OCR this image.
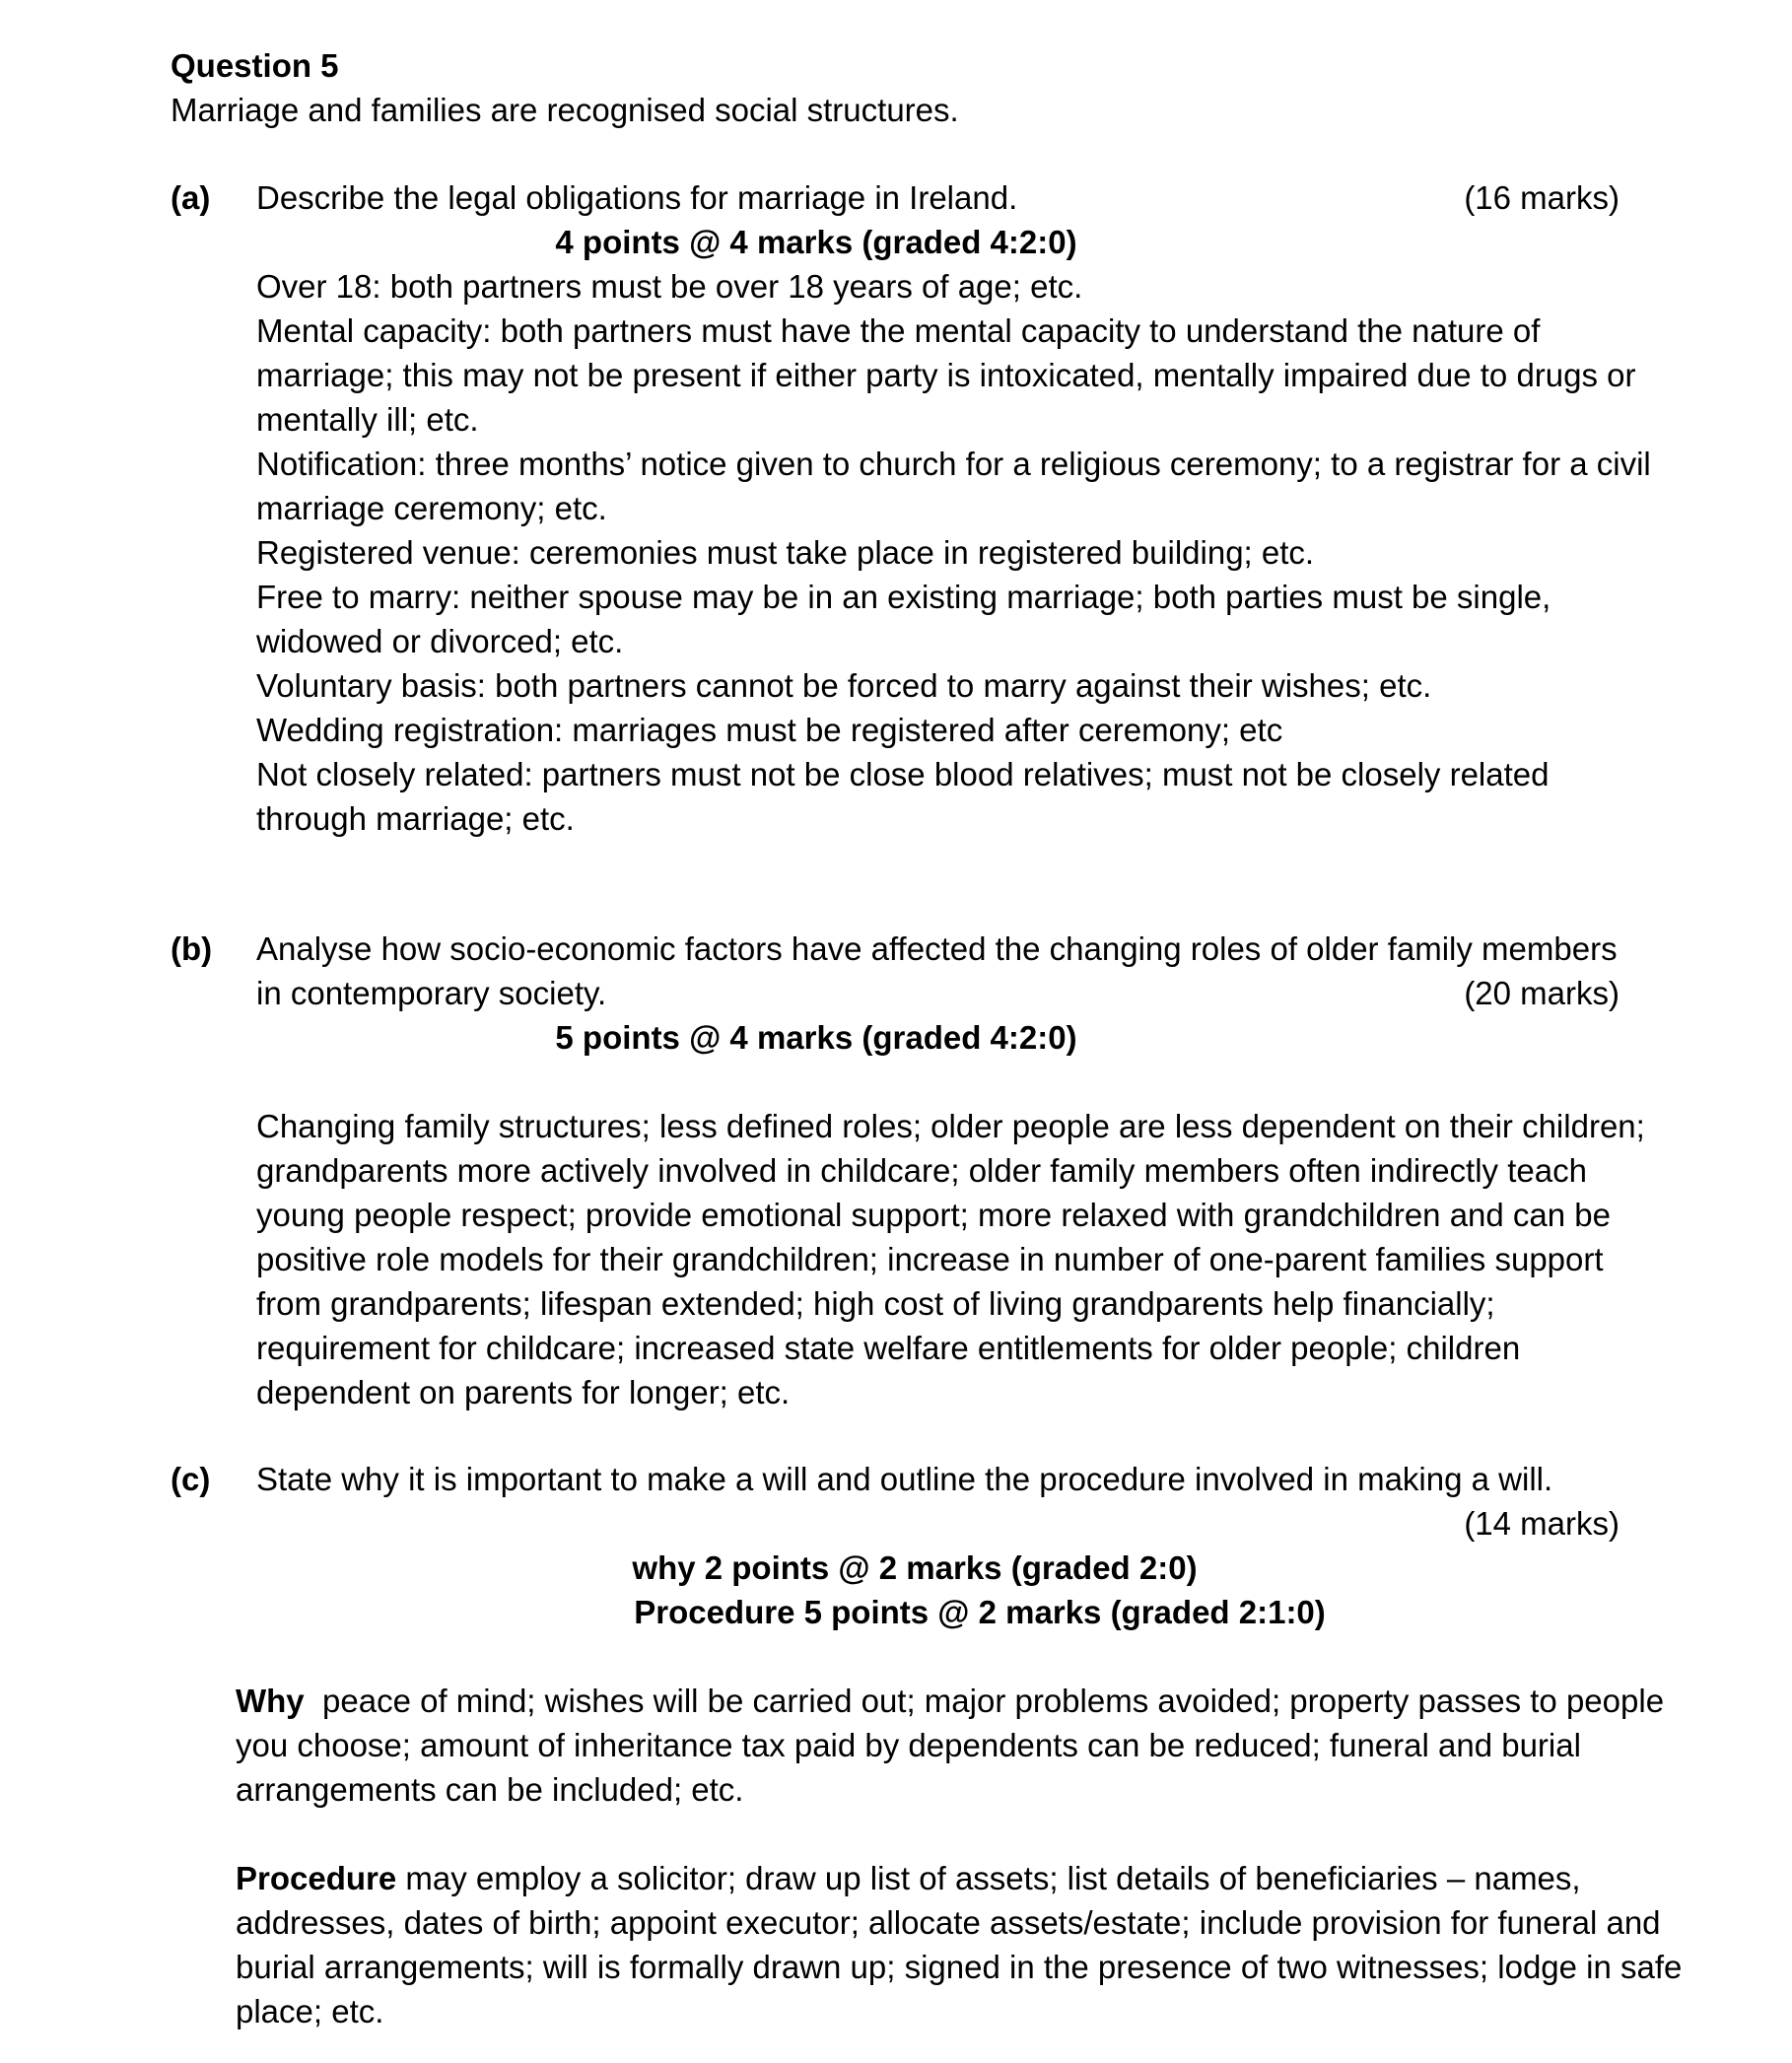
Question 5
Marriage and families are recognised social structures.
(a) Describe the legal obligations for marriage in Ireland.	(16 marks)
4 points @ 4 marks (graded 4:2:0)
Over 18: both partners must be over 18 years of age; etc.
Mental capacity: both partners must have the mental capacity to understand the nature of
marriage; this may not be present if either party is intoxicated, mentally impaired due to drugs or
mentally ill; etc.
Notification: three months’ notice given to church for a religious ceremony; to a registrar for a civil
marriage ceremony; etc.
Registered venue: ceremonies must take place in registered building; etc.
Free to marry: neither spouse may be in an existing marriage; both parties must be single,
widowed or divorced; etc.
Voluntary basis: both partners cannot be forced to marry against their wishes; etc.
Wedding registration: marriages must be registered after ceremony; etc
Not closely related: partners must not be close blood relatives; must not be closely related
through marriage; etc.
(b) Analyse how socio-economic factors have affected the changing roles of older family members
in contemporary society.	(20 marks)
5 points @ 4 marks (graded 4:2:0)
Changing family structures; less defined roles; older people are less dependent on their children;
grandparents more actively involved in childcare; older family members often indirectly teach
young people respect; provide emotional support; more relaxed with grandchildren and can be
positive role models for their grandchildren; increase in number of one-parent families support
from grandparents; lifespan extended; high cost of living grandparents help financially;
requirement for childcare; increased state welfare entitlements for older people; children
dependent on parents for longer; etc.
(c) State why it is important to make a will and outline the procedure involved in making a will.
(14 marks)
why 2 points @ 2 marks (graded 2:0)
Procedure 5 points @ 2 marks (graded 2:1:0)
Why  peace of mind; wishes will be carried out; major problems avoided; property passes to people
you choose; amount of inheritance tax paid by dependents can be reduced; funeral and burial
arrangements can be included; etc.
Procedure may employ a solicitor; draw up list of assets; list details of beneficiaries – names,
addresses, dates of birth; appoint executor; allocate assets/estate; include provision for funeral and
burial arrangements; will is formally drawn up; signed in the presence of two witnesses; lodge in safe
place; etc.
